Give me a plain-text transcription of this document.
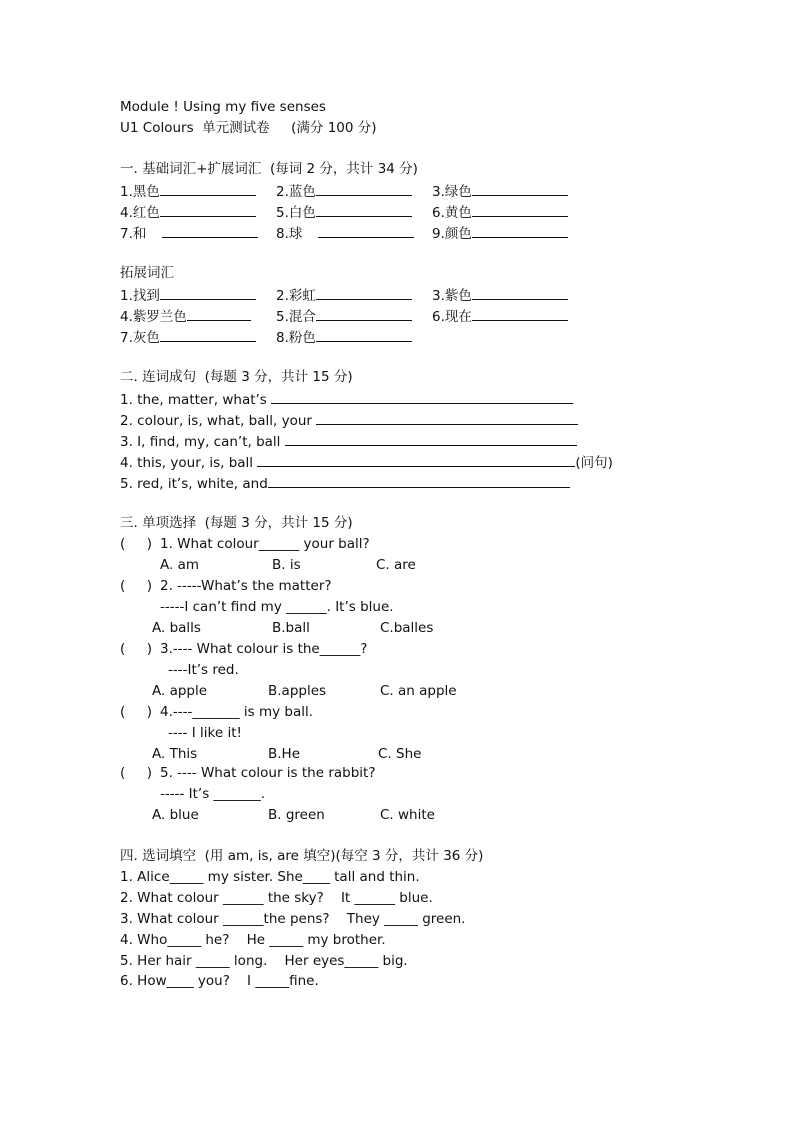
Module ! Using my five senses
U1 Colours  单元测试卷     (满分 100 分)
一. 基础词汇+扩展词汇  (每词 2 分，共计 34 分)
1.黑色	2.蓝色	3.绿色
4.红色	5.白色	6.黄色
7.和	8.球	9.颜色
拓展词汇
1.找到	2.彩虹	3.紫色
4.紫罗兰色	5.混合	6.现在
7.灰色	8.粉色
二. 连词成句  (每题 3 分，共计 15 分)
1. the, matter, what’s
2. colour, is, what, ball, your
3. I, find, my, can’t, ball
4. this, your, is, ball	(问句)
5. red, it’s, white, and
三. 单项选择  (每题 3 分，共计 15 分)
(     ) 1. What colour______ your ball?
A. am	B. is	C. are
(     ) 2. -----What’s the matter?
-----I can’t find my ______. It’s blue.
A. balls	B.ball	C.balles
(     ) 3.---- What colour is the______?
----It’s red.
A. apple	B.apples	C. an apple
(     ) 4.----_______ is my ball.
---- I like it!
A. This	B.He	C. She
(     ) 5. ---- What colour is the rabbit?
----- It’s _______.
A. blue	B. green	C. white
四. 选词填空  (用 am, is, are 填空)(每空 3 分，共计 36 分)
1. Alice_____ my sister. She____ tall and thin.
2. What colour ______ the sky?    It ______ blue.
3. What colour ______the pens?    They _____ green.
4. Who_____ he?    He _____ my brother.
5. Her hair _____ long.    Her eyes_____ big.
6. How____ you?    I _____fine.
